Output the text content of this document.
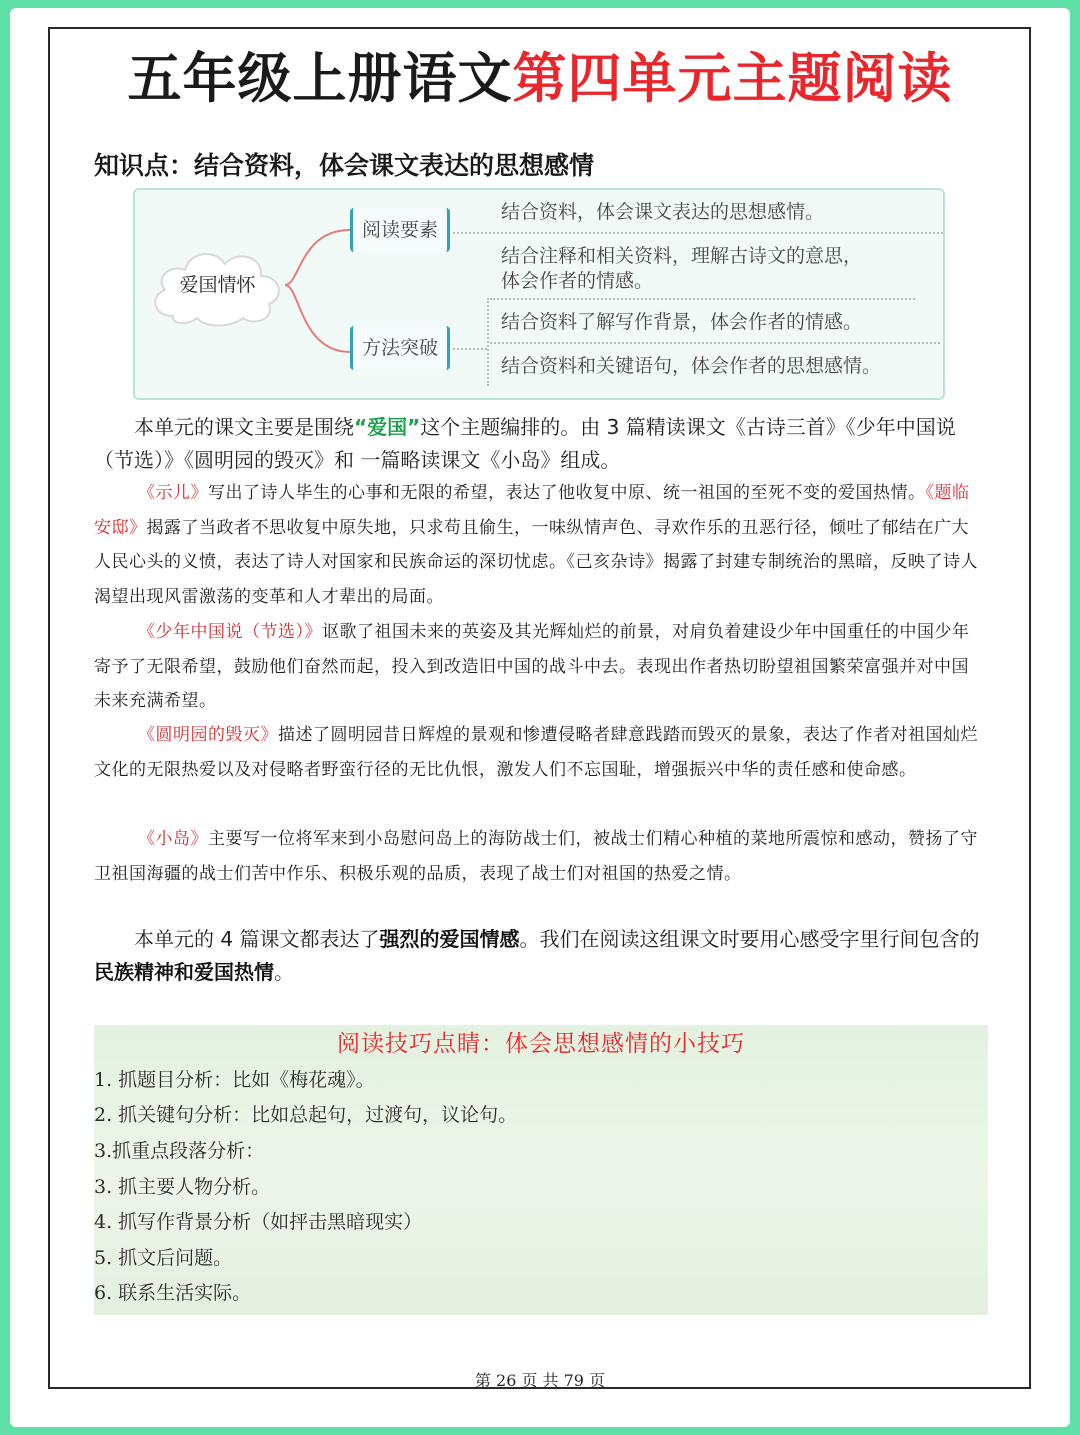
五年级上册语文第四单元主题阅读
知识点：结合资料，体会课文表达的思想感情
爱国情怀
阅读要素
方法突破
结合资料，体会课文表达的思想感情。
结合注释和相关资料，理解古诗文的意思，
体会作者的情感。
结合资料了解写作背景，体会作者的情感。
结合资料和关键语句，体会作者的思想感情。
本单元的课文主要是围绕“爱国”这个主题编排的。由 3 篇精读课文《古诗三首》《少年中国说（节选）》《圆明园的毁灭》和 一篇略读课文《小岛》组成。
《示儿》写出了诗人毕生的心事和无限的希望，表达了他收复中原、统一祖国的至死不变的爱国热情。《题临安邸》揭露了当政者不思收复中原失地，只求苟且偷生，一味纵情声色、寻欢作乐的丑恶行径，倾吐了郁结在广大人民心头的义愤，表达了诗人对国家和民族命运的深切忧虑。《己亥杂诗》揭露了封建专制统治的黑暗，反映了诗人渴望出现风雷激荡的变革和人才辈出的局面。
《少年中国说（节选）》讴歌了祖国未来的英姿及其光辉灿烂的前景，对肩负着建设少年中国重任的中国少年寄予了无限希望，鼓励他们奋然而起，投入到改造旧中国的战斗中去。表现出作者热切盼望祖国繁荣富强并对中国未来充满希望。
《圆明园的毁灭》描述了圆明园昔日辉煌的景观和惨遭侵略者肆意践踏而毁灭的景象，表达了作者对祖国灿烂文化的无限热爱以及对侵略者野蛮行径的无比仇恨，激发人们不忘国耻，增强振兴中华的责任感和使命感。
《小岛》主要写一位将军来到小岛慰问岛上的海防战士们，被战士们精心种植的菜地所震惊和感动，赞扬了守卫祖国海疆的战士们苦中作乐、积极乐观的品质，表现了战士们对祖国的热爱之情。
本单元的 4 篇课文都表达了强烈的爱国情感。我们在阅读这组课文时要用心感受字里行间包含的民族精神和爱国热情。
阅读技巧点睛：体会思想感情的小技巧
1. 抓题目分析：比如《梅花魂》。
2. 抓关键句分析：比如总起句，过渡句，议论句。
3.抓重点段落分析：
3. 抓主要人物分析。
4. 抓写作背景分析（如抨击黑暗现实）
5. 抓文后问题。
6. 联系生活实际。
第 26 页 共 79 页
